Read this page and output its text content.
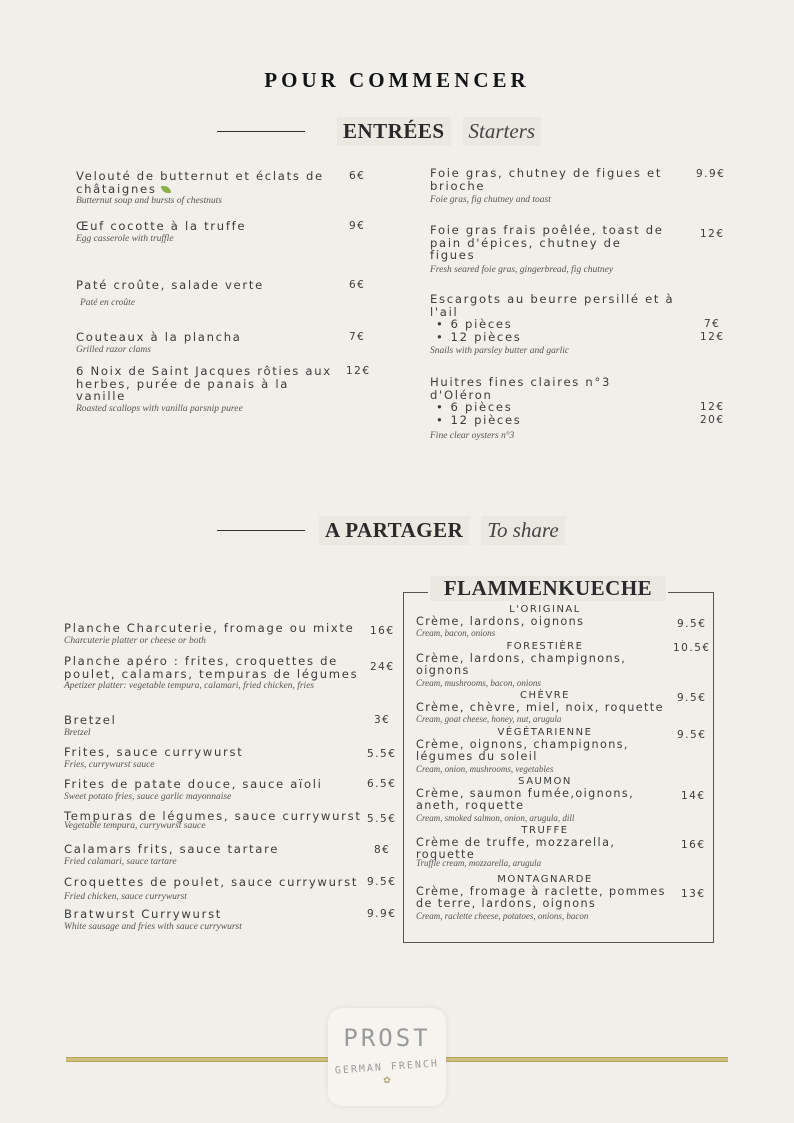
POUR COMMENCER
ENTRÉES Starters
Velouté de butternut et éclats de châtaignes
Butternut soup and bursts of chestnuts
6€
Œuf cocotte à la truffe
Egg casserole with truffle
9€
Paté croûte, salade verte
Paté en croûte
6€
Couteaux à la plancha
Grilled razor clams
7€
6 Noix de Saint Jacques rôties aux herbes, purée de panais à la vanille
Roasted scallops with vanilla parsnip puree
12€
Foie gras, chutney de figues et brioche
Foie gras, fig chutney and toast
9.9€
Foie gras frais poêlée, toast de pain d'épices, chutney de figues
Fresh seared foie gras, gingerbread, fig chutney
12€
Escargots au beurre persillé et à l'ail
• 6 pièces
• 12 pièces
Snails with parsley butter and garlic
7€
12€
Huitres fines claires n°3 d'Oléron
• 6 pièces
• 12 pièces
Fine clear oysters n°3
12€
20€
A PARTAGER To share
Planche Charcuterie, fromage ou mixte
Charcuterie platter or cheese or both
16€
Planche apéro : frites, croquettes de poulet, calamars, tempuras de légumes
Apetizer platter: vegetable tempura, calamari, fried chicken, fries
24€
Bretzel
Bretzel
3€
Frites, sauce currywurst
Fries, currywurst sauce
5.5€
Frites de patate douce, sauce aïoli
Sweet potato fries, sauce garlic mayonnaise
6.5€
Tempuras de légumes, sauce currywurst
Vegetable tempura, currywurst sauce
5.5€
Calamars frits, sauce tartare
Fried calamari, sauce tartare
8€
Croquettes de poulet, sauce currywurst
Fried chicken, sauce currywurst
9.5€
Bratwurst Currywurst
White sausage and fries with sauce currywurst
9.9€
FLAMMENKUECHE
L'ORIGINAL
Crème, lardons, oignons
Cream, bacon, onions
9.5€
FORESTIÈRE
Crème, lardons, champignons, oignons
Cream, mushrooms, bacon, onions
10.5€
CHÈVRE
Crème, chèvre, miel, noix, roquette
Cream, goat cheese, honey, nut, arugula
9.5€
VÉGÉTARIENNE
Crème, oignons, champignons, légumes du soleil
Cream, onion, mushrooms, vegetables
9.5€
SAUMON
Crème, saumon fumée,oignons, aneth, roquette
Cream, smoked salmon, onion, arugula, dill
14€
TRUFFE
Crème de truffe, mozzarella, roquette
Truffle cream, mozzarella, arugula
16€
MONTAGNARDE
Crème, fromage à raclette, pommes de terre, lardons, oignons
Cream, raclette cheese, potatoes, onions, bacon
13€
PROST
GERMAN FRENCH
✿
